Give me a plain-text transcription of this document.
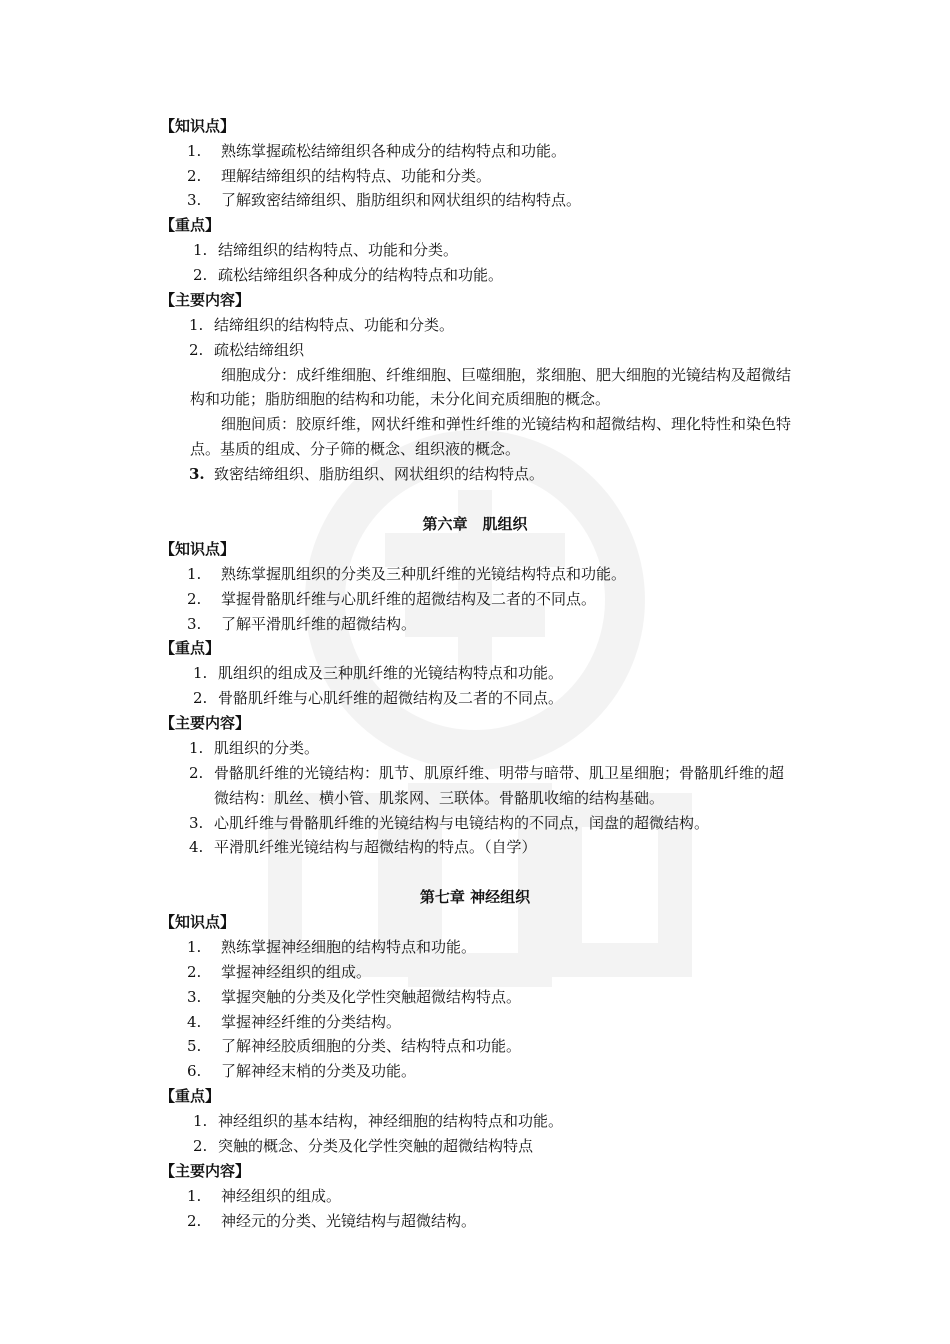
【知识点】
1. 熟练掌握疏松结缔组织各种成分的结构特点和功能。
2. 理解结缔组织的结构特点、功能和分类。
3. 了解致密结缔组织、脂肪组织和网状组织的结构特点。
【重点】
1. 结缔组织的结构特点、功能和分类。
2. 疏松结缔组织各种成分的结构特点和功能。
【主要内容】
1. 结缔组织的结构特点、功能和分类。
2. 疏松结缔组织
细胞成分：成纤维细胞、纤维细胞、巨噬细胞，浆细胞、肥大细胞的光镜结构及超微结
构和功能；脂肪细胞的结构和功能，未分化间充质细胞的概念。
细胞间质：胶原纤维，网状纤维和弹性纤维的光镜结构和超微结构、理化特性和染色特
点。基质的组成、分子筛的概念、组织液的概念。
3. 致密结缔组织、脂肪组织、网状组织的结构特点。
第六章　肌组织
【知识点】
1. 熟练掌握肌组织的分类及三种肌纤维的光镜结构特点和功能。
2. 掌握骨骼肌纤维与心肌纤维的超微结构及二者的不同点。
3. 了解平滑肌纤维的超微结构。
【重点】
1. 肌组织的组成及三种肌纤维的光镜结构特点和功能。
2. 骨骼肌纤维与心肌纤维的超微结构及二者的不同点。
【主要内容】
1. 肌组织的分类。
2. 骨骼肌纤维的光镜结构：肌节、肌原纤维、明带与暗带、肌卫星细胞；骨骼肌纤维的超
微结构：肌丝、横小管、肌浆网、三联体。骨骼肌收缩的结构基础。
3. 心肌纤维与骨骼肌纤维的光镜结构与电镜结构的不同点，闰盘的超微结构。
4. 平滑肌纤维光镜结构与超微结构的特点。（自学）
第七章 神经组织
【知识点】
1. 熟练掌握神经细胞的结构特点和功能。
2. 掌握神经组织的组成。
3. 掌握突触的分类及化学性突触超微结构特点。
4. 掌握神经纤维的分类结构。
5. 了解神经胶质细胞的分类、结构特点和功能。
6. 了解神经末梢的分类及功能。
【重点】
1. 神经组织的基本结构，神经细胞的结构特点和功能。
2. 突触的概念、分类及化学性突触的超微结构特点
【主要内容】
1. 神经组织的组成。
2. 神经元的分类、光镜结构与超微结构。
